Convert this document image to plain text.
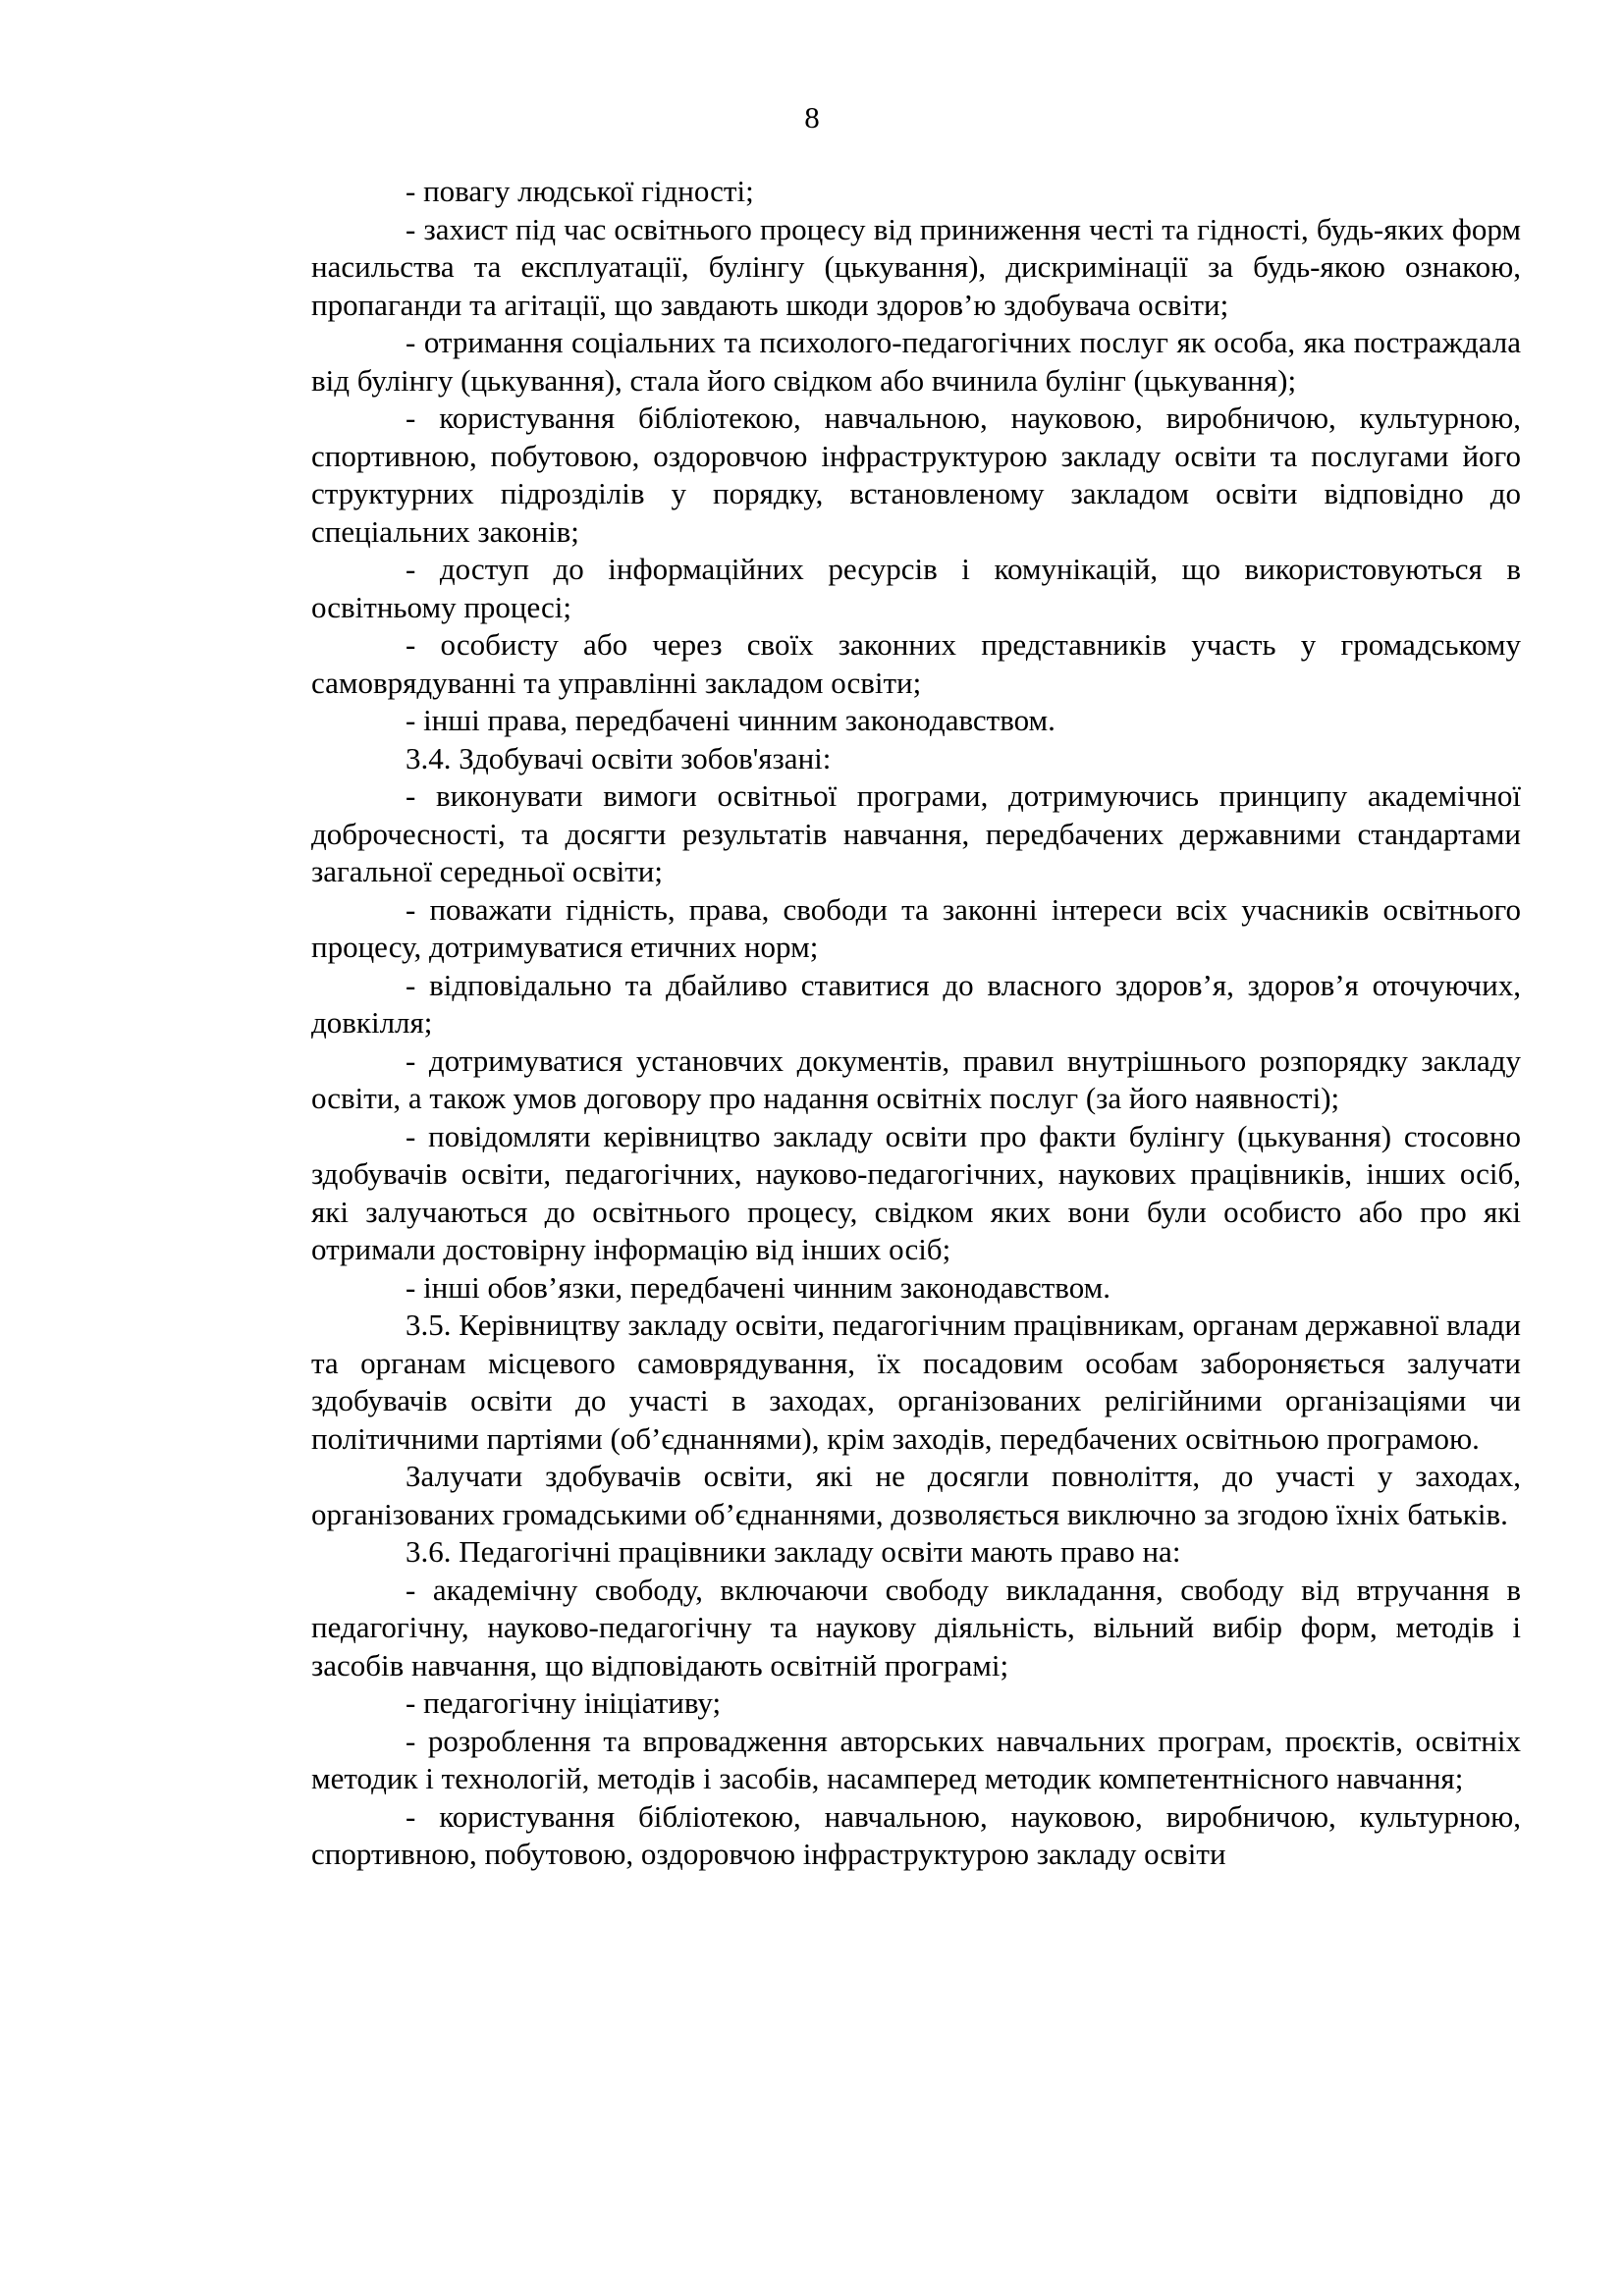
8

- повагу людської гідності;

- захист під час освітнього процесу від приниження честі та гідності, будь-яких форм насильства та експлуатації, булінгу (цькування), дискримінації за будь-якою ознакою, пропаганди та агітації, що завдають шкоди здоров’ю здобувача освіти;

- отримання соціальних та психолого-педагогічних послуг як особа, яка постраждала від булінгу (цькування), стала його свідком або вчинила булінг (цькування);

- користування бібліотекою, навчальною, науковою, виробничою, культурною, спортивною, побутовою, оздоровчою інфраструктурою закладу освіти та послугами його структурних підрозділів у порядку, встановленому закладом освіти відповідно до спеціальних законів;

- доступ до інформаційних ресурсів і комунікацій, що використовуються в освітньому процесі;

- особисту або через своїх законних представників участь у громадському самоврядуванні та управлінні закладом освіти;

- інші права, передбачені чинним законодавством.

3.4. Здобувачі освіти зобов'язані:

- виконувати вимоги освітньої програми, дотримуючись принципу академічної доброчесності, та досягти результатів навчання, передбачених державними стандартами загальної середньої освіти;

- поважати гідність, права, свободи та законні інтереси всіх учасників освітнього процесу, дотримуватися етичних норм;

- відповідально та дбайливо ставитися до власного здоров’я, здоров’я оточуючих, довкілля;

- дотримуватися установчих документів, правил внутрішнього розпорядку закладу освіти, а також умов договору про надання освітніх послуг (за його наявності);

- повідомляти керівництво закладу освіти про факти булінгу (цькування) стосовно здобувачів освіти, педагогічних, науково-педагогічних, наукових працівників, інших осіб, які залучаються до освітнього процесу, свідком яких вони були особисто або про які отримали достовірну інформацію від інших осіб;

- інші обов’язки, передбачені чинним законодавством.

3.5. Керівництву закладу освіти, педагогічним працівникам, органам державної влади та органам місцевого самоврядування, їх посадовим особам забороняється залучати здобувачів освіти до участі в заходах, організованих релігійними організаціями чи політичними партіями (об’єднаннями), крім заходів, передбачених освітньою програмою.

Залучати здобувачів освіти, які не досягли повноліття, до участі у заходах, організованих громадськими об’єднаннями, дозволяється виключно за згодою їхніх батьків.

3.6. Педагогічні працівники закладу освіти мають право на:

- академічну свободу, включаючи свободу викладання, свободу від втручання в педагогічну, науково-педагогічну та наукову діяльність, вільний вибір форм, методів і засобів навчання, що відповідають освітній програмі;

- педагогічну ініціативу;

- розроблення та впровадження авторських навчальних програм, проєктів, освітніх методик і технологій, методів і засобів, насамперед методик компетентнісного навчання;

- користування бібліотекою, навчальною, науковою, виробничою, культурною, спортивною, побутовою, оздоровчою інфраструктурою закладу освіти
